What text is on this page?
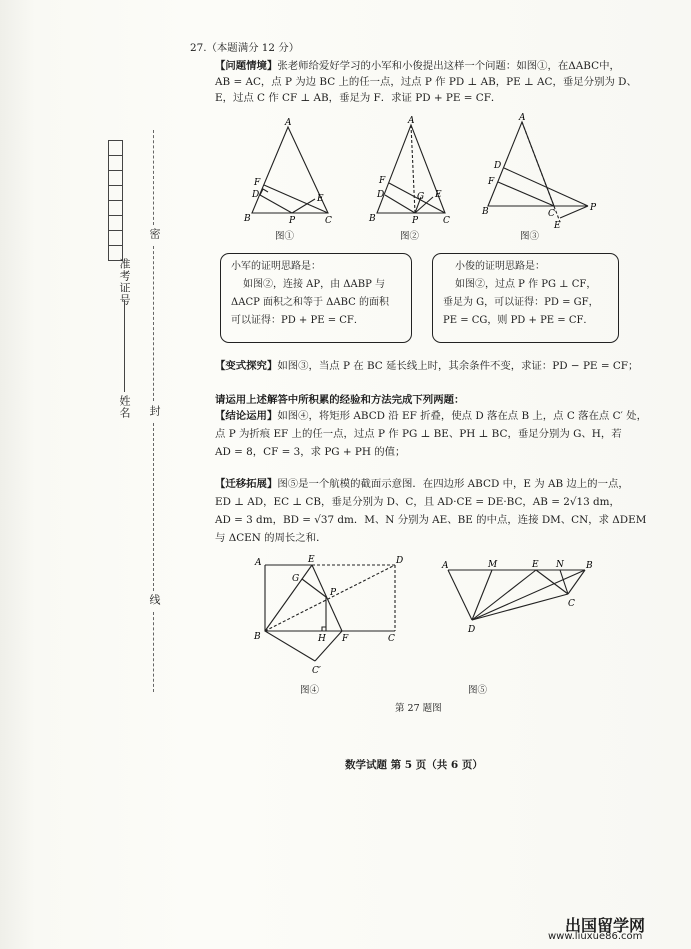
准考证号
姓名
密
封
线
27.（本题满分 12 分）
【问题情境】张老师给爱好学习的小军和小俊提出这样一个问题：如图①，在ΔABC中，
AB = AC，点 P 为边 BC 上的任一点，过点 P 作 PD ⊥ AB，PE ⊥ AC，垂足分别为 D、
E，过点 C 作 CF ⊥ AB，垂足为 F．求证 PD + PE = CF．
A
F
D	E
B	P	C
图①
A
F
D	G E
B	P	C
图②
A
D
F
B	C
P
E
图③
小军的证明思路是：
如图②，连接 AP，由 ΔABP 与
ΔACP 面积之和等于 ΔABC 的面积
可以证得：PD + PE = CF．
小俊的证明思路是：
如图②，过点 P 作 PG ⊥ CF，
垂足为 G，可以证得：PD = GF，
PE = CG，则 PD + PE = CF．
【变式探究】如图③，当点 P 在 BC 延长线上时，其余条件不变，求证：PD − PE = CF；
请运用上述解答中所积累的经验和方法完成下列两题：
【结论运用】如图④，将矩形 ABCD 沿 EF 折叠，使点 D 落在点 B 上，点 C 落在点 C′ 处，
点 P 为折痕 EF 上的任一点，过点 P 作 PG ⊥ BE、PH ⊥ BC，垂足分别为 G、H，若
AD = 8，CF = 3，求 PG + PH 的值；
【迁移拓展】图⑤是一个航模的截面示意图．在四边形 ABCD 中，E 为 AB 边上的一点，
ED ⊥ AD，EC ⊥ CB，垂足分别为 D、C，且 AD·CE = DE·BC，AB = 2√13 dm，
AD = 3 dm，BD = √37 dm．M、N 分别为 AE、BE 的中点，连接 DM、CN，求 ΔDEM
与 ΔCEN 的周长之和．
A	E	D
G
P
B	H F	C
C′
图④
A	M	E N B
C
D
图⑤
第 27 题图
数学试题 第 5 页（共 6 页）
出国留学网
www.liuxue86.com
